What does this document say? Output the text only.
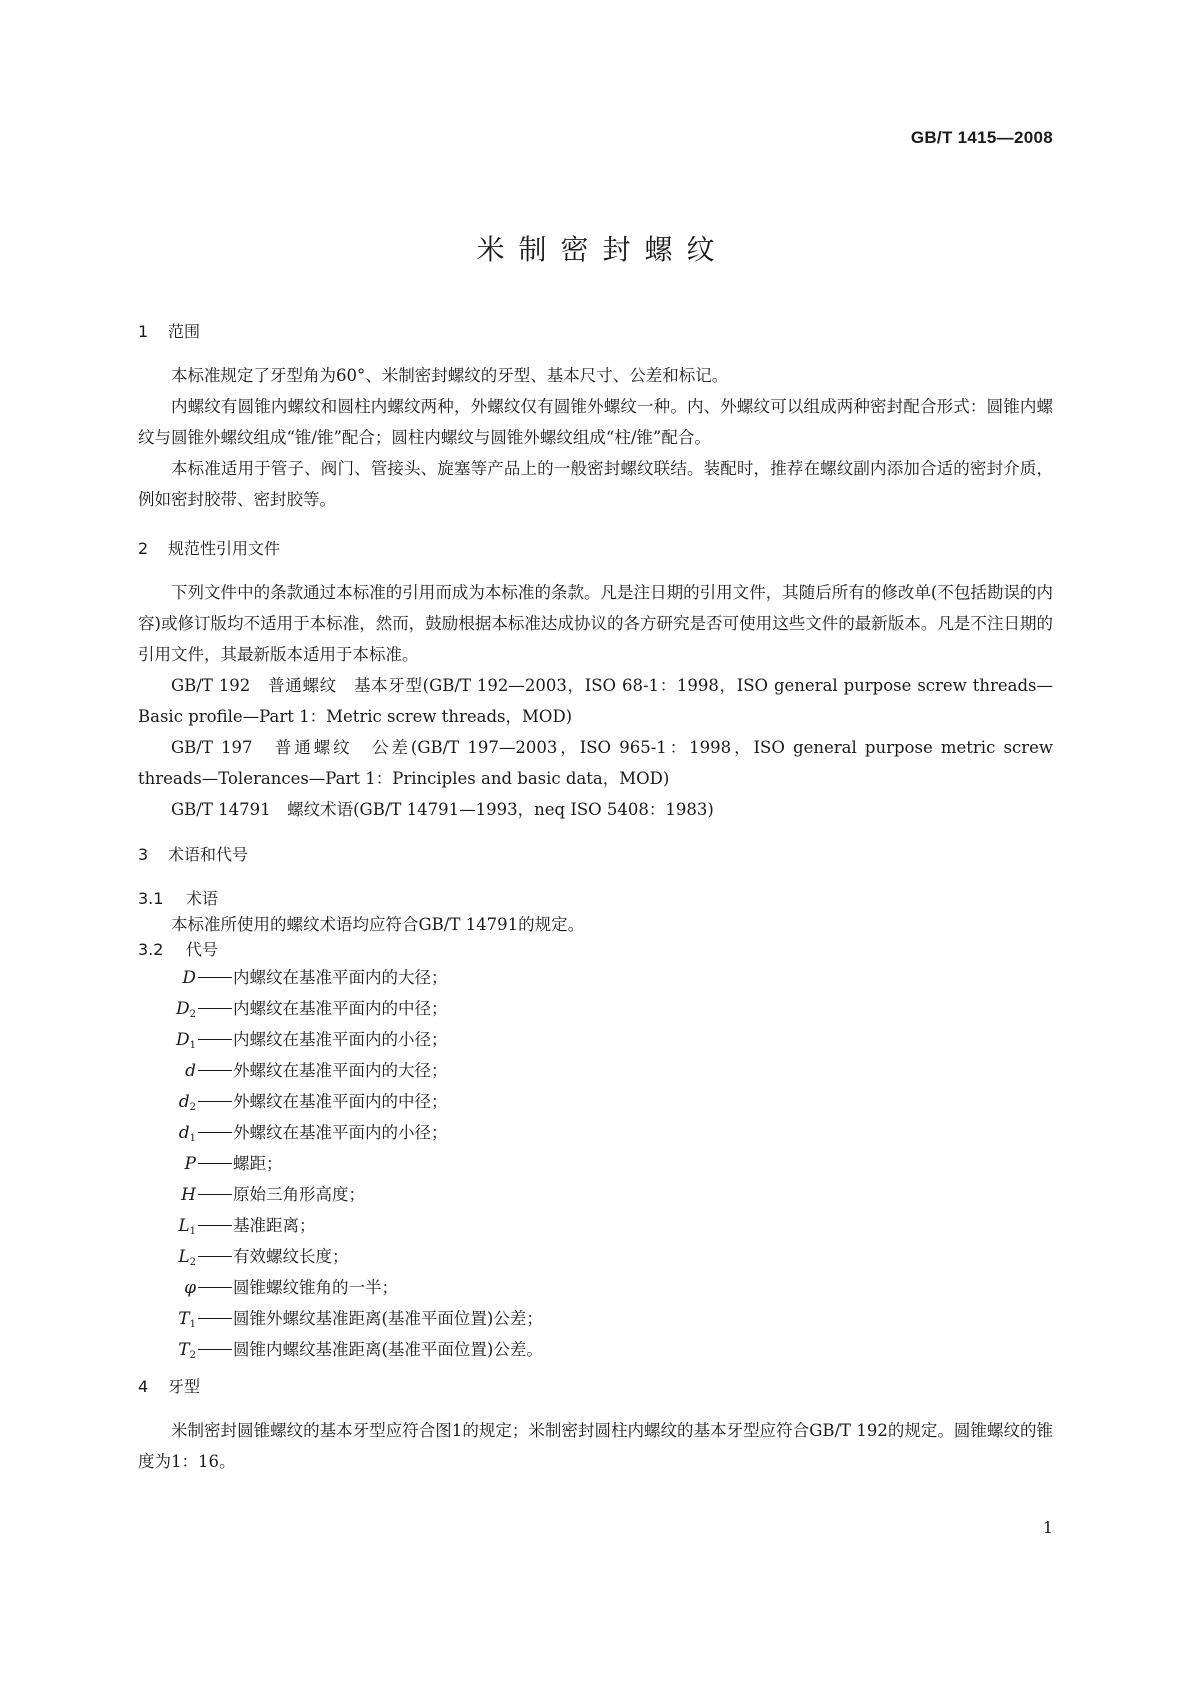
GB/T 1415—2008
米制密封螺纹
1 范围

本标准规定了牙型角为60°、米制密封螺纹的牙型、基本尺寸、公差和标记。

内螺纹有圆锥内螺纹和圆柱内螺纹两种，外螺纹仅有圆锥外螺纹一种。内、外螺纹可以组成两种密封配合形式：圆锥内螺纹与圆锥外螺纹组成“锥/锥”配合；圆柱内螺纹与圆锥外螺纹组成“柱/锥”配合。

本标准适用于管子、阀门、管接头、旋塞等产品上的一般密封螺纹联结。装配时，推荐在螺纹副内添加合适的密封介质，例如密封胶带、密封胶等。

2 规范性引用文件

下列文件中的条款通过本标准的引用而成为本标准的条款。凡是注日期的引用文件，其随后所有的修改单(不包括勘误的内容)或修订版均不适用于本标准，然而，鼓励根据本标准达成协议的各方研究是否可使用这些文件的最新版本。凡是不注日期的引用文件，其最新版本适用于本标准。

GB/T 192　普通螺纹　基本牙型(GB/T 192—2003，ISO 68-1：1998，ISO general purpose screw threads—Basic profile—Part 1：Metric screw threads，MOD)

GB/T 197　普通螺纹　公差(GB/T 197—2003，ISO 965-1：1998，ISO general purpose metric screw threads—Tolerances—Part 1：Principles and basic data，MOD)

GB/T 14791　螺纹术语(GB/T 14791—1993，neq ISO 5408：1983)

3 术语和代号
3.1 术语

本标准所使用的螺纹术语均应符合GB/T 14791的规定。

3.2 代号
D 内螺纹在基准平面内的大径；
$D_2$ 内螺纹在基准平面内的中径；
$D_1$ 内螺纹在基准平面内的小径；
d 外螺纹在基准平面内的大径；
$d_2$ 外螺纹在基准平面内的中径；
$d_1$ 外螺纹在基准平面内的小径；
P 螺距；
H 原始三角形高度；
$L_1$ 基准距离；
$L_2$ 有效螺纹长度；
φ 圆锥螺纹锥角的一半；
$T_1$ 圆锥外螺纹基准距离(基准平面位置)公差；
$T_2$ 圆锥内螺纹基准距离(基准平面位置)公差。
4 牙型

米制密封圆锥螺纹的基本牙型应符合图1的规定；米制密封圆柱内螺纹的基本牙型应符合GB/T 192的规定。圆锥螺纹的锥度为1：16。

1
